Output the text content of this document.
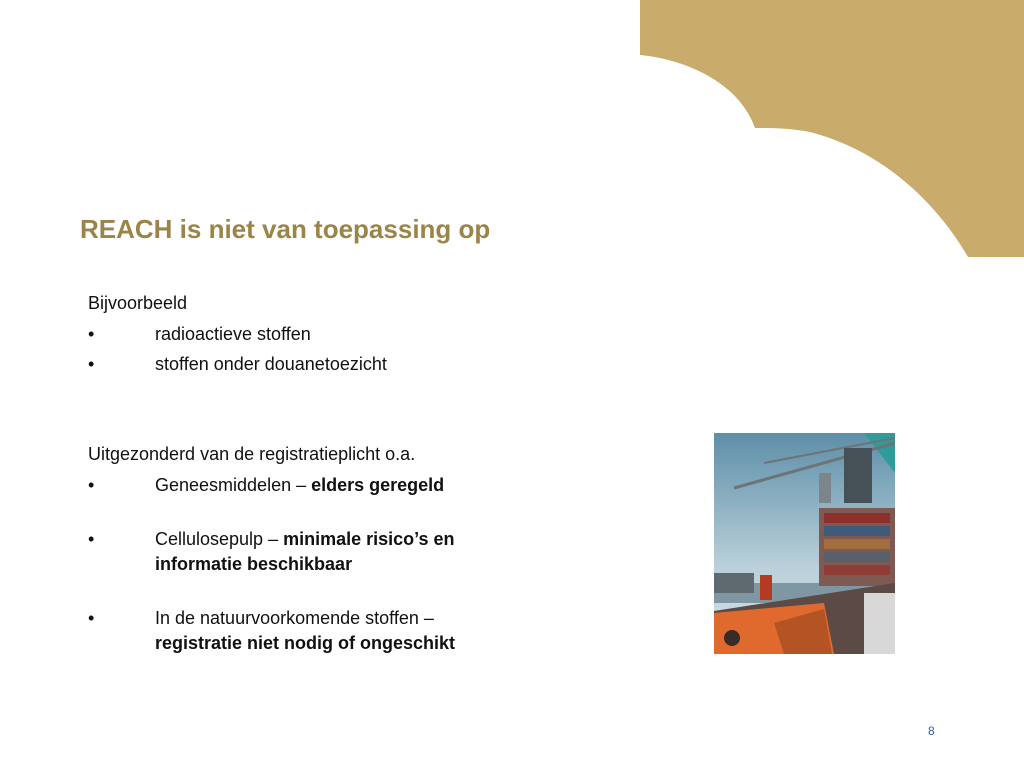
REACH is niet van toepassing op

Bijvoorbeeld

•	radioactieve stoffen
•	stoffen onder douanetoezicht

Uitgezonderd van de registratieplicht o.a.

•	Geneesmiddelen – elders geregeld
•	Cellulosepulp – minimale risico’s en
informatie beschikbaar
•	In de natuurvoorkomende stoffen –
registratie niet nodig of ongeschikt
8
